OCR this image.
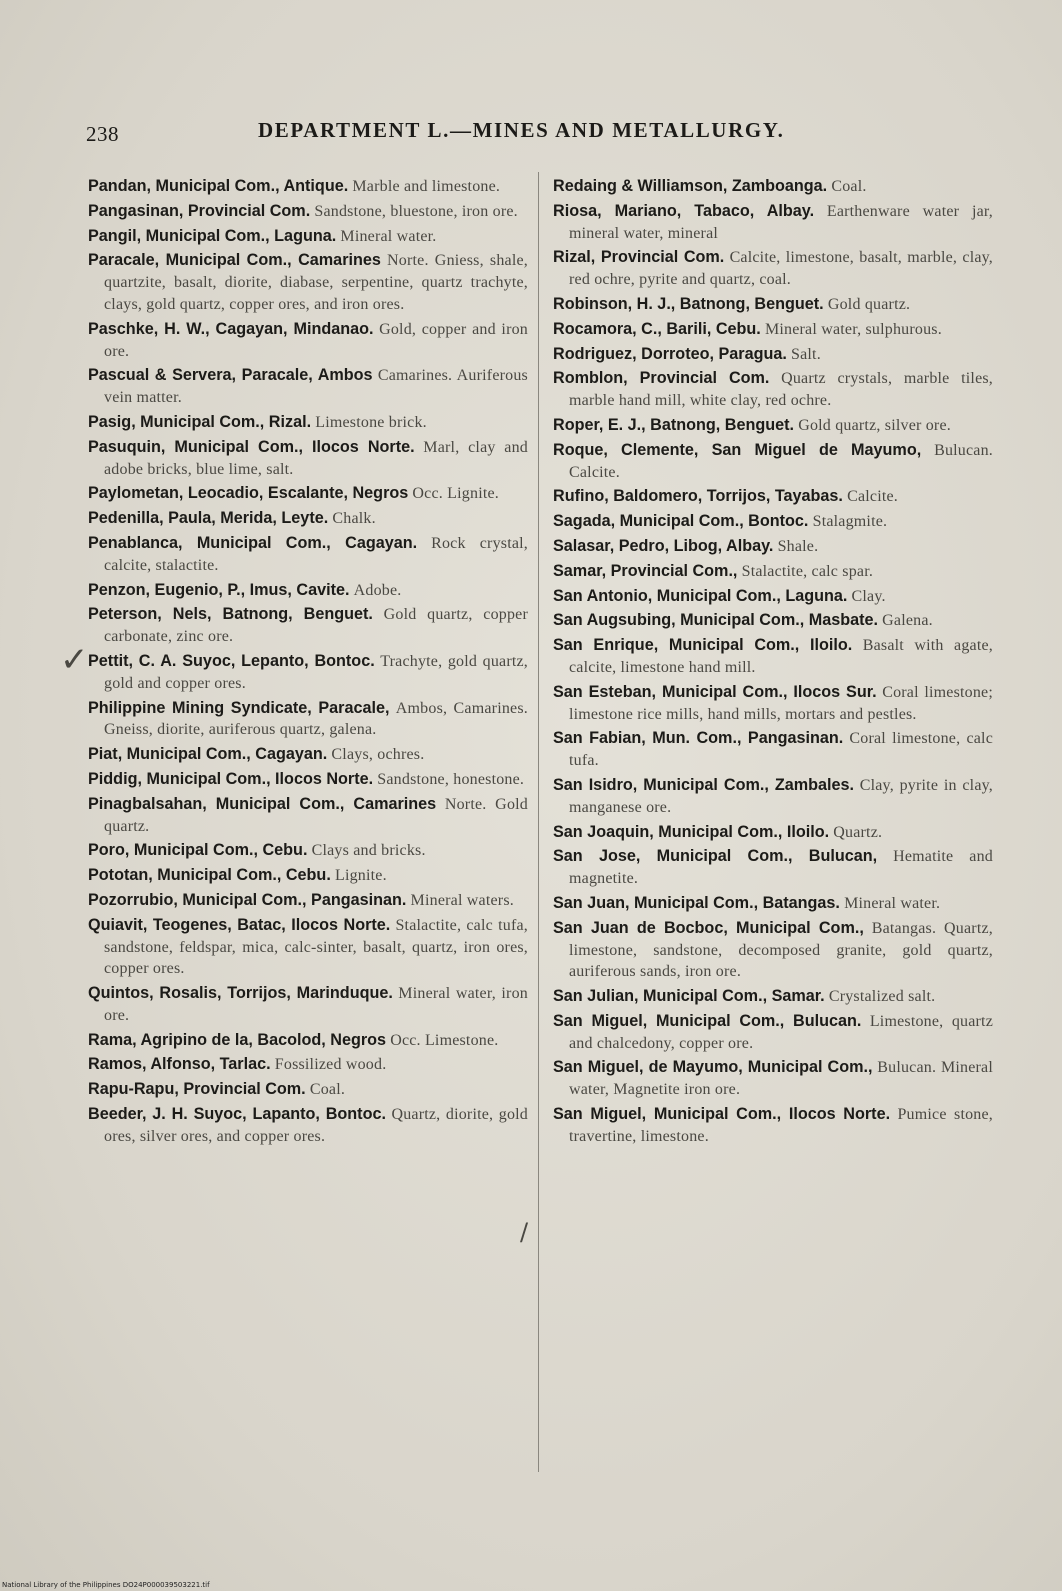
238	DEPARTMENT L.—MINES AND METALLURGY.
Pandan, Municipal Com., Antique. Marble and limestone.
Pangasinan, Provincial Com. Sandstone, bluestone, iron ore.
Pangil, Municipal Com., Laguna. Mineral water.
Paracale, Municipal Com., Camarines Norte. Gniess, shale, quartzite, basalt, diorite, diabase, serpentine, quartz trachyte, clays, gold quartz, copper ores, and iron ores.
Paschke, H. W., Cagayan, Mindanao. Gold, copper and iron ore.
Pascual & Servera, Paracale, Ambos Camarines. Auriferous vein matter.
Pasig, Municipal Com., Rizal. Limestone brick.
Pasuquin, Municipal Com., Ilocos Norte. Marl, clay and adobe bricks, blue lime, salt.
Paylometan, Leocadio, Escalante, Negros Occ. Lignite.
Pedenilla, Paula, Merida, Leyte. Chalk.
Penablanca, Municipal Com., Cagayan. Rock crystal, calcite, stalactite.
Penzon, Eugenio, P., Imus, Cavite. Adobe.
Peterson, Nels, Batnong, Benguet. Gold quartz, copper carbonate, zinc ore.
Pettit, C. A. Suyoc, Lepanto, Bontoc. Trachyte, gold quartz, gold and copper ores.
Philippine Mining Syndicate, Paracale, Ambos, Camarines. Gneiss, diorite, auriferous quartz, galena.
Piat, Municipal Com., Cagayan. Clays, ochres.
Piddig, Municipal Com., Ilocos Norte. Sandstone, honestone.
Pinagbalsahan, Municipal Com., Camarines Norte. Gold quartz.
Poro, Municipal Com., Cebu. Clays and bricks.
Pototan, Municipal Com., Cebu. Lignite.
Pozorrubio, Municipal Com., Pangasinan. Mineral waters.
Quiavit, Teogenes, Batac, Ilocos Norte. Stalactite, calc tufa, sandstone, feldspar, mica, calc-sinter, basalt, quartz, iron ores, copper ores.
Quintos, Rosalis, Torrijos, Marinduque. Mineral water, iron ore.
Rama, Agripino de la, Bacolod, Negros Occ. Limestone.
Ramos, Alfonso, Tarlac. Fossilized wood.
Rapu-Rapu, Provincial Com. Coal.
Beeder, J. H. Suyoc, Lapanto, Bontoc. Quartz, diorite, gold ores, silver ores, and copper ores.
Redaing & Williamson, Zamboanga. Coal.
Riosa, Mariano, Tabaco, Albay. Earthenware water jar, mineral water, mineral
Rizal, Provincial Com. Calcite, limestone, basalt, marble, clay, red ochre, pyrite and quartz, coal.
Robinson, H. J., Batnong, Benguet. Gold quartz.
Rocamora, C., Barili, Cebu. Mineral water, sulphurous.
Rodriguez, Dorroteo, Paragua. Salt.
Romblon, Provincial Com. Quartz crystals, marble tiles, marble hand mill, white clay, red ochre.
Roper, E. J., Batnong, Benguet. Gold quartz, silver ore.
Roque, Clemente, San Miguel de Mayumo, Bulucan. Calcite.
Rufino, Baldomero, Torrijos, Tayabas. Calcite.
Sagada, Municipal Com., Bontoc. Stalagmite.
Salasar, Pedro, Libog, Albay. Shale.
Samar, Provincial Com., Stalactite, calc spar.
San Antonio, Municipal Com., Laguna. Clay.
San Augsubing, Municipal Com., Masbate. Galena.
San Enrique, Municipal Com., Iloilo. Basalt with agate, calcite, limestone hand mill.
San Esteban, Municipal Com., Ilocos Sur. Coral limestone; limestone rice mills, hand mills, mortars and pestles.
San Fabian, Mun. Com., Pangasinan. Coral limestone, calc tufa.
San Isidro, Municipal Com., Zambales. Clay, pyrite in clay, manganese ore.
San Joaquin, Municipal Com., Iloilo. Quartz.
San Jose, Municipal Com., Bulucan, Hematite and magnetite.
San Juan, Municipal Com., Batangas. Mineral water.
San Juan de Bocboc, Municipal Com., Batangas. Quartz, limestone, sandstone, decomposed granite, gold quartz, auriferous sands, iron ore.
San Julian, Municipal Com., Samar. Crystalized salt.
San Miguel, Municipal Com., Bulucan. Limestone, quartz and chalcedony, copper ore.
San Miguel, de Mayumo, Municipal Com., Bulucan. Mineral water, Magnetite iron ore.
San Miguel, Municipal Com., Ilocos Norte. Pumice stone, travertine, limestone.
✓
/
National Library of the Philippines DO24P000039503221.tif
